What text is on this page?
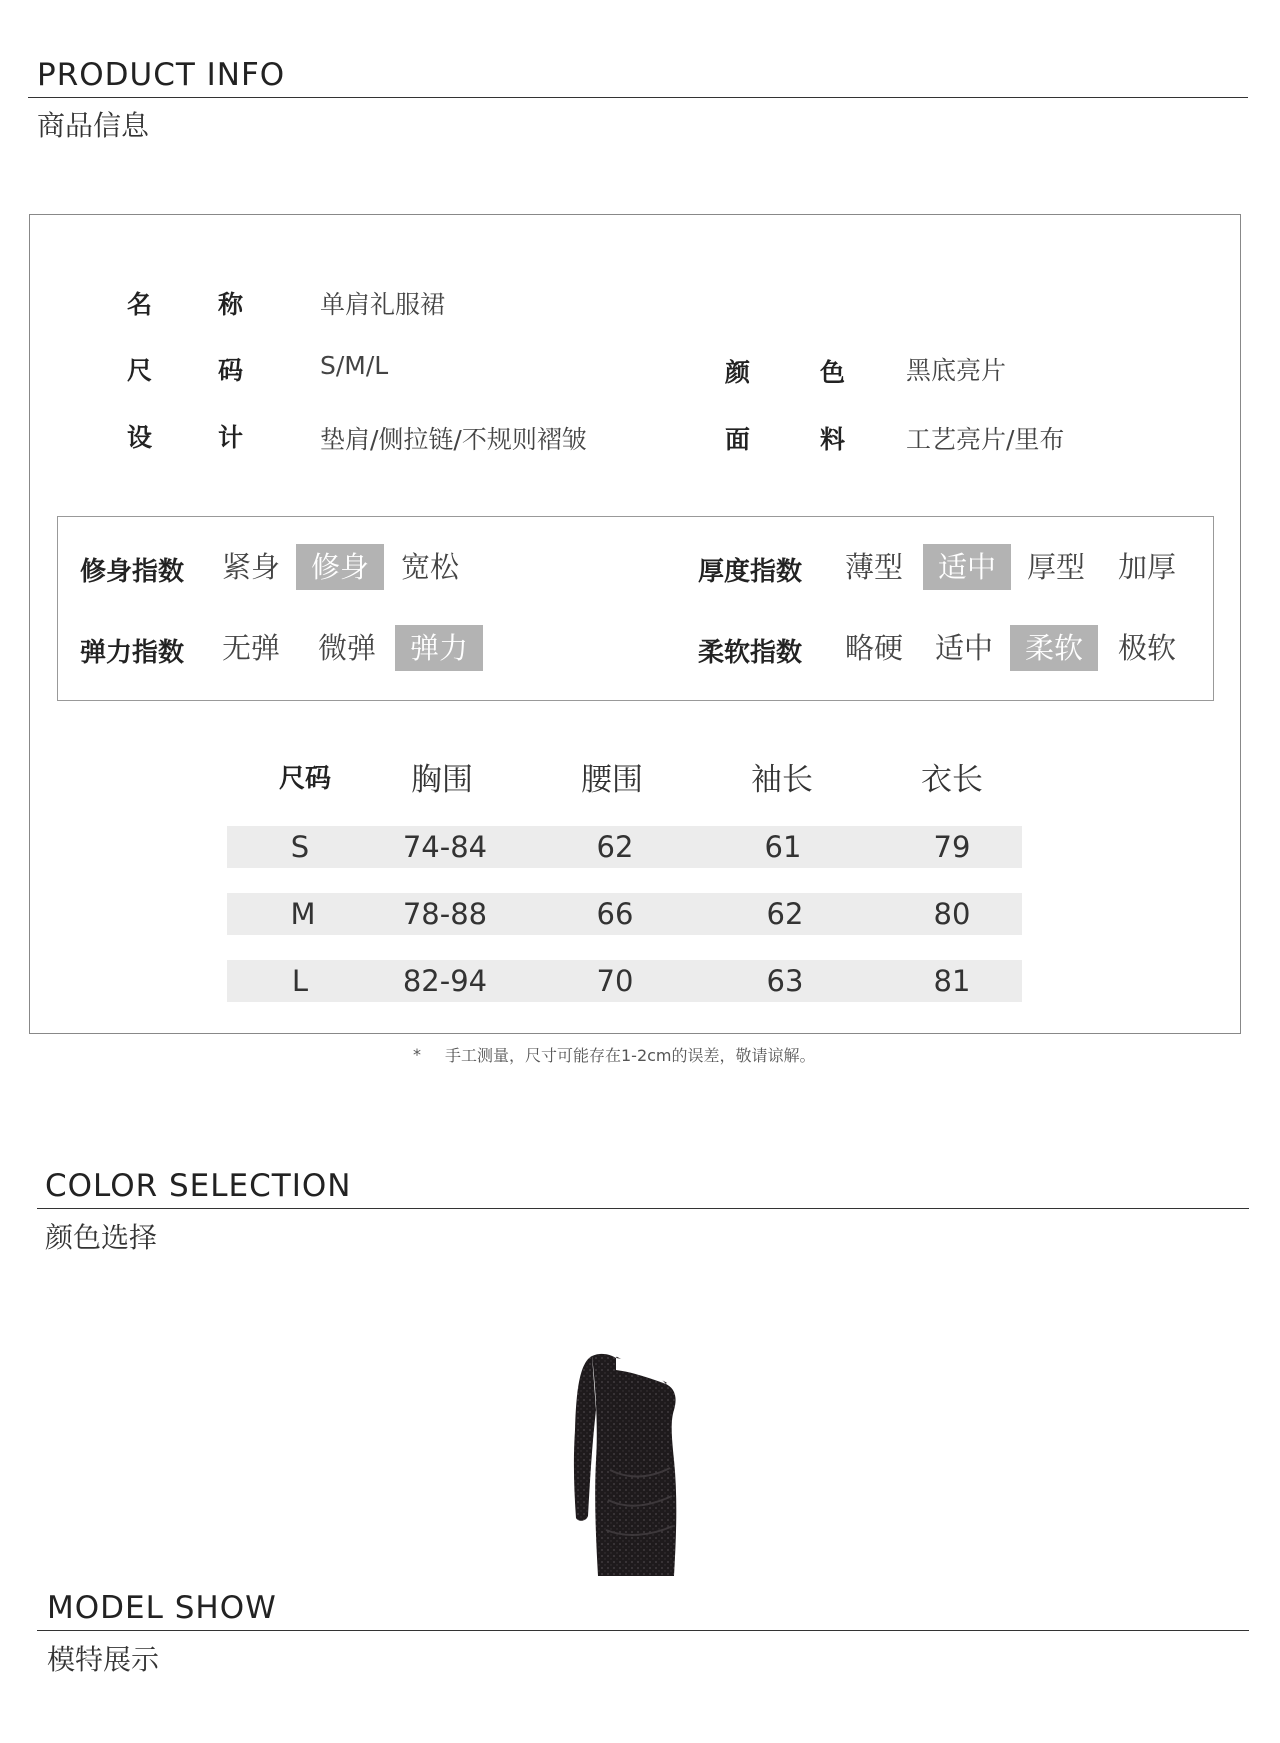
PRODUCT INFO
商品信息
名	称	单肩礼服裙
尺	码	S/M/L	颜	色 黑底亮片
设	计	垫肩/侧拉链/不规则褶皱	面	料 工艺亮片/里布
修身指数 紧身	修身	宽松	厚度指数 薄型	适中	厚型 加厚
弹力指数 无弹 微弹	弹力	柔软指数 略硬 适中	柔软	极软
尺码	胸围	腰围	袖长	衣长
S	74-84	62	61	79
M	78-88	66	62	80
L	82-94	70	63	81
* 手工测量，尺寸可能存在1-2cm的误差，敬请谅解。
COLOR SELECTION
颜色选择
MODEL SHOW
模特展示
